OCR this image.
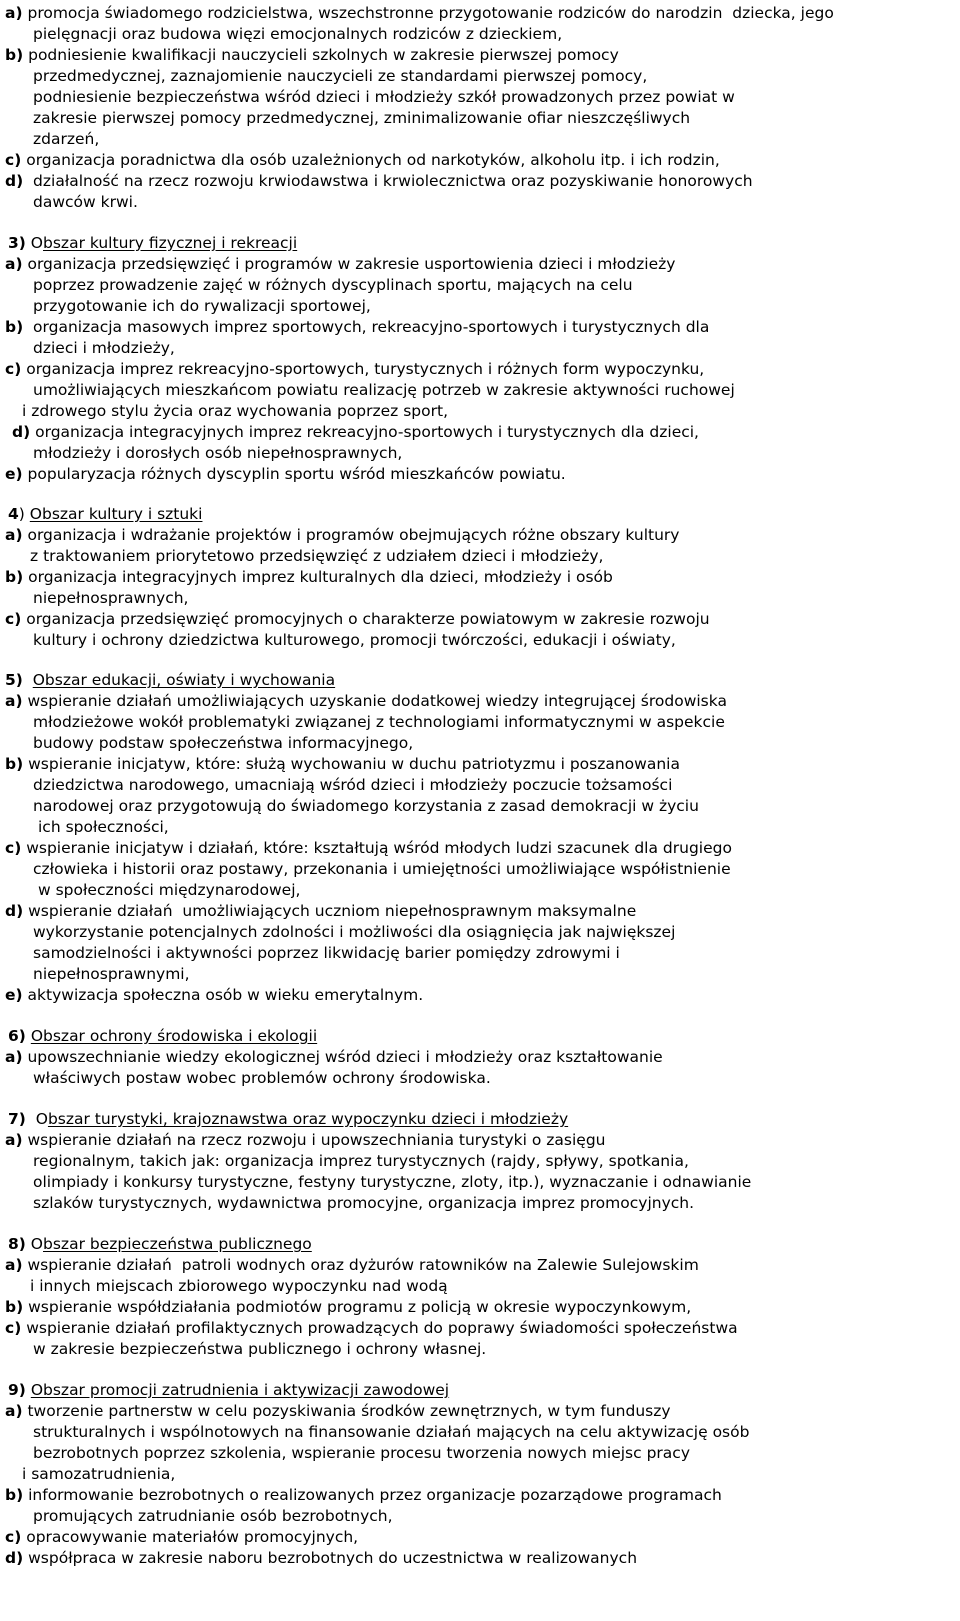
a) promocja świadomego rodzicielstwa, wszechstronne przygotowanie rodziców do narodzin  dziecka, jego
pielęgnacji oraz budowa więzi emocjonalnych rodziców z dzieckiem,
b) podniesienie kwalifikacji nauczycieli szkolnych w zakresie pierwszej pomocy
przedmedycznej, zaznajomienie nauczycieli ze standardami pierwszej pomocy,
podniesienie bezpieczeństwa wśród dzieci i młodzieży szkół prowadzonych przez powiat w
zakresie pierwszej pomocy przedmedycznej, zminimalizowanie ofiar nieszczęśliwych
zdarzeń,
c) organizacja poradnictwa dla osób uzależnionych od narkotyków, alkoholu itp. i ich rodzin,
d)  działalność na rzecz rozwoju krwiodawstwa i krwiolecznictwa oraz pozyskiwanie honorowych
dawców krwi.
3) Obszar kultury fizycznej i rekreacji
a) organizacja przedsięwzięć i programów w zakresie usportowienia dzieci i młodzieży
poprzez prowadzenie zajęć w różnych dyscyplinach sportu, mających na celu
przygotowanie ich do rywalizacji sportowej,
b)  organizacja masowych imprez sportowych, rekreacyjno-sportowych i turystycznych dla
dzieci i młodzieży,
c) organizacja imprez rekreacyjno-sportowych, turystycznych i różnych form wypoczynku,
umożliwiających mieszkańcom powiatu realizację potrzeb w zakresie aktywności ruchowej
i zdrowego stylu życia oraz wychowania poprzez sport,
d) organizacja integracyjnych imprez rekreacyjno-sportowych i turystycznych dla dzieci,
młodzieży i dorosłych osób niepełnosprawnych,
e) popularyzacja różnych dyscyplin sportu wśród mieszkańców powiatu.
4) Obszar kultury i sztuki
a) organizacja i wdrażanie projektów i programów obejmujących różne obszary kultury
z traktowaniem priorytetowo przedsięwzięć z udziałem dzieci i młodzieży,
b) organizacja integracyjnych imprez kulturalnych dla dzieci, młodzieży i osób
niepełnosprawnych,
c) organizacja przedsięwzięć promocyjnych o charakterze powiatowym w zakresie rozwoju
kultury i ochrony dziedzictwa kulturowego, promocji twórczości, edukacji i oświaty,
5) Obszar edukacji, oświaty i wychowania
a) wspieranie działań umożliwiających uzyskanie dodatkowej wiedzy integrującej środowiska
młodzieżowe wokół problematyki związanej z technologiami informatycznymi w aspekcie
budowy podstaw społeczeństwa informacyjnego,
b) wspieranie inicjatyw, które: służą wychowaniu w duchu patriotyzmu i poszanowania
dziedzictwa narodowego, umacniają wśród dzieci i młodzieży poczucie tożsamości
narodowej oraz przygotowują do świadomego korzystania z zasad demokracji w życiu
ich społeczności,
c) wspieranie inicjatyw i działań, które: kształtują wśród młodych ludzi szacunek dla drugiego
człowieka i historii oraz postawy, przekonania i umiejętności umożliwiające współistnienie
w społeczności międzynarodowej,
d) wspieranie działań  umożliwiających uczniom niepełnosprawnym maksymalne
wykorzystanie potencjalnych zdolności i możliwości dla osiągnięcia jak największej
samodzielności i aktywności poprzez likwidację barier pomiędzy zdrowymi i
niepełnosprawnymi,
e) aktywizacja społeczna osób w wieku emerytalnym.
6) Obszar ochrony środowiska i ekologii
a) upowszechnianie wiedzy ekologicznej wśród dzieci i młodzieży oraz kształtowanie
właściwych postaw wobec problemów ochrony środowiska.
7)  Obszar turystyki, krajoznawstwa oraz wypoczynku dzieci i młodzieży
a) wspieranie działań na rzecz rozwoju i upowszechniania turystyki o zasięgu
regionalnym, takich jak: organizacja imprez turystycznych (rajdy, spływy, spotkania,
olimpiady i konkursy turystyczne, festyny turystyczne, zloty, itp.), wyznaczanie i odnawianie
szlaków turystycznych, wydawnictwa promocyjne, organizacja imprez promocyjnych.
8) Obszar bezpieczeństwa publicznego
a) wspieranie działań  patroli wodnych oraz dyżurów ratowników na Zalewie Sulejowskim
i innych miejscach zbiorowego wypoczynku nad wodą
b) wspieranie współdziałania podmiotów programu z policją w okresie wypoczynkowym,
c) wspieranie działań profilaktycznych prowadzących do poprawy świadomości społeczeństwa
w zakresie bezpieczeństwa publicznego i ochrony własnej.
9) Obszar promocji zatrudnienia i aktywizacji zawodowej
a) tworzenie partnerstw w celu pozyskiwania środków zewnętrznych, w tym funduszy
strukturalnych i wspólnotowych na finansowanie działań mających na celu aktywizację osób
bezrobotnych poprzez szkolenia, wspieranie procesu tworzenia nowych miejsc pracy
i samozatrudnienia,
b) informowanie bezrobotnych o realizowanych przez organizacje pozarządowe programach
promujących zatrudnianie osób bezrobotnych,
c) opracowywanie materiałów promocyjnych,
d) współpraca w zakresie naboru bezrobotnych do uczestnictwa w realizowanych
